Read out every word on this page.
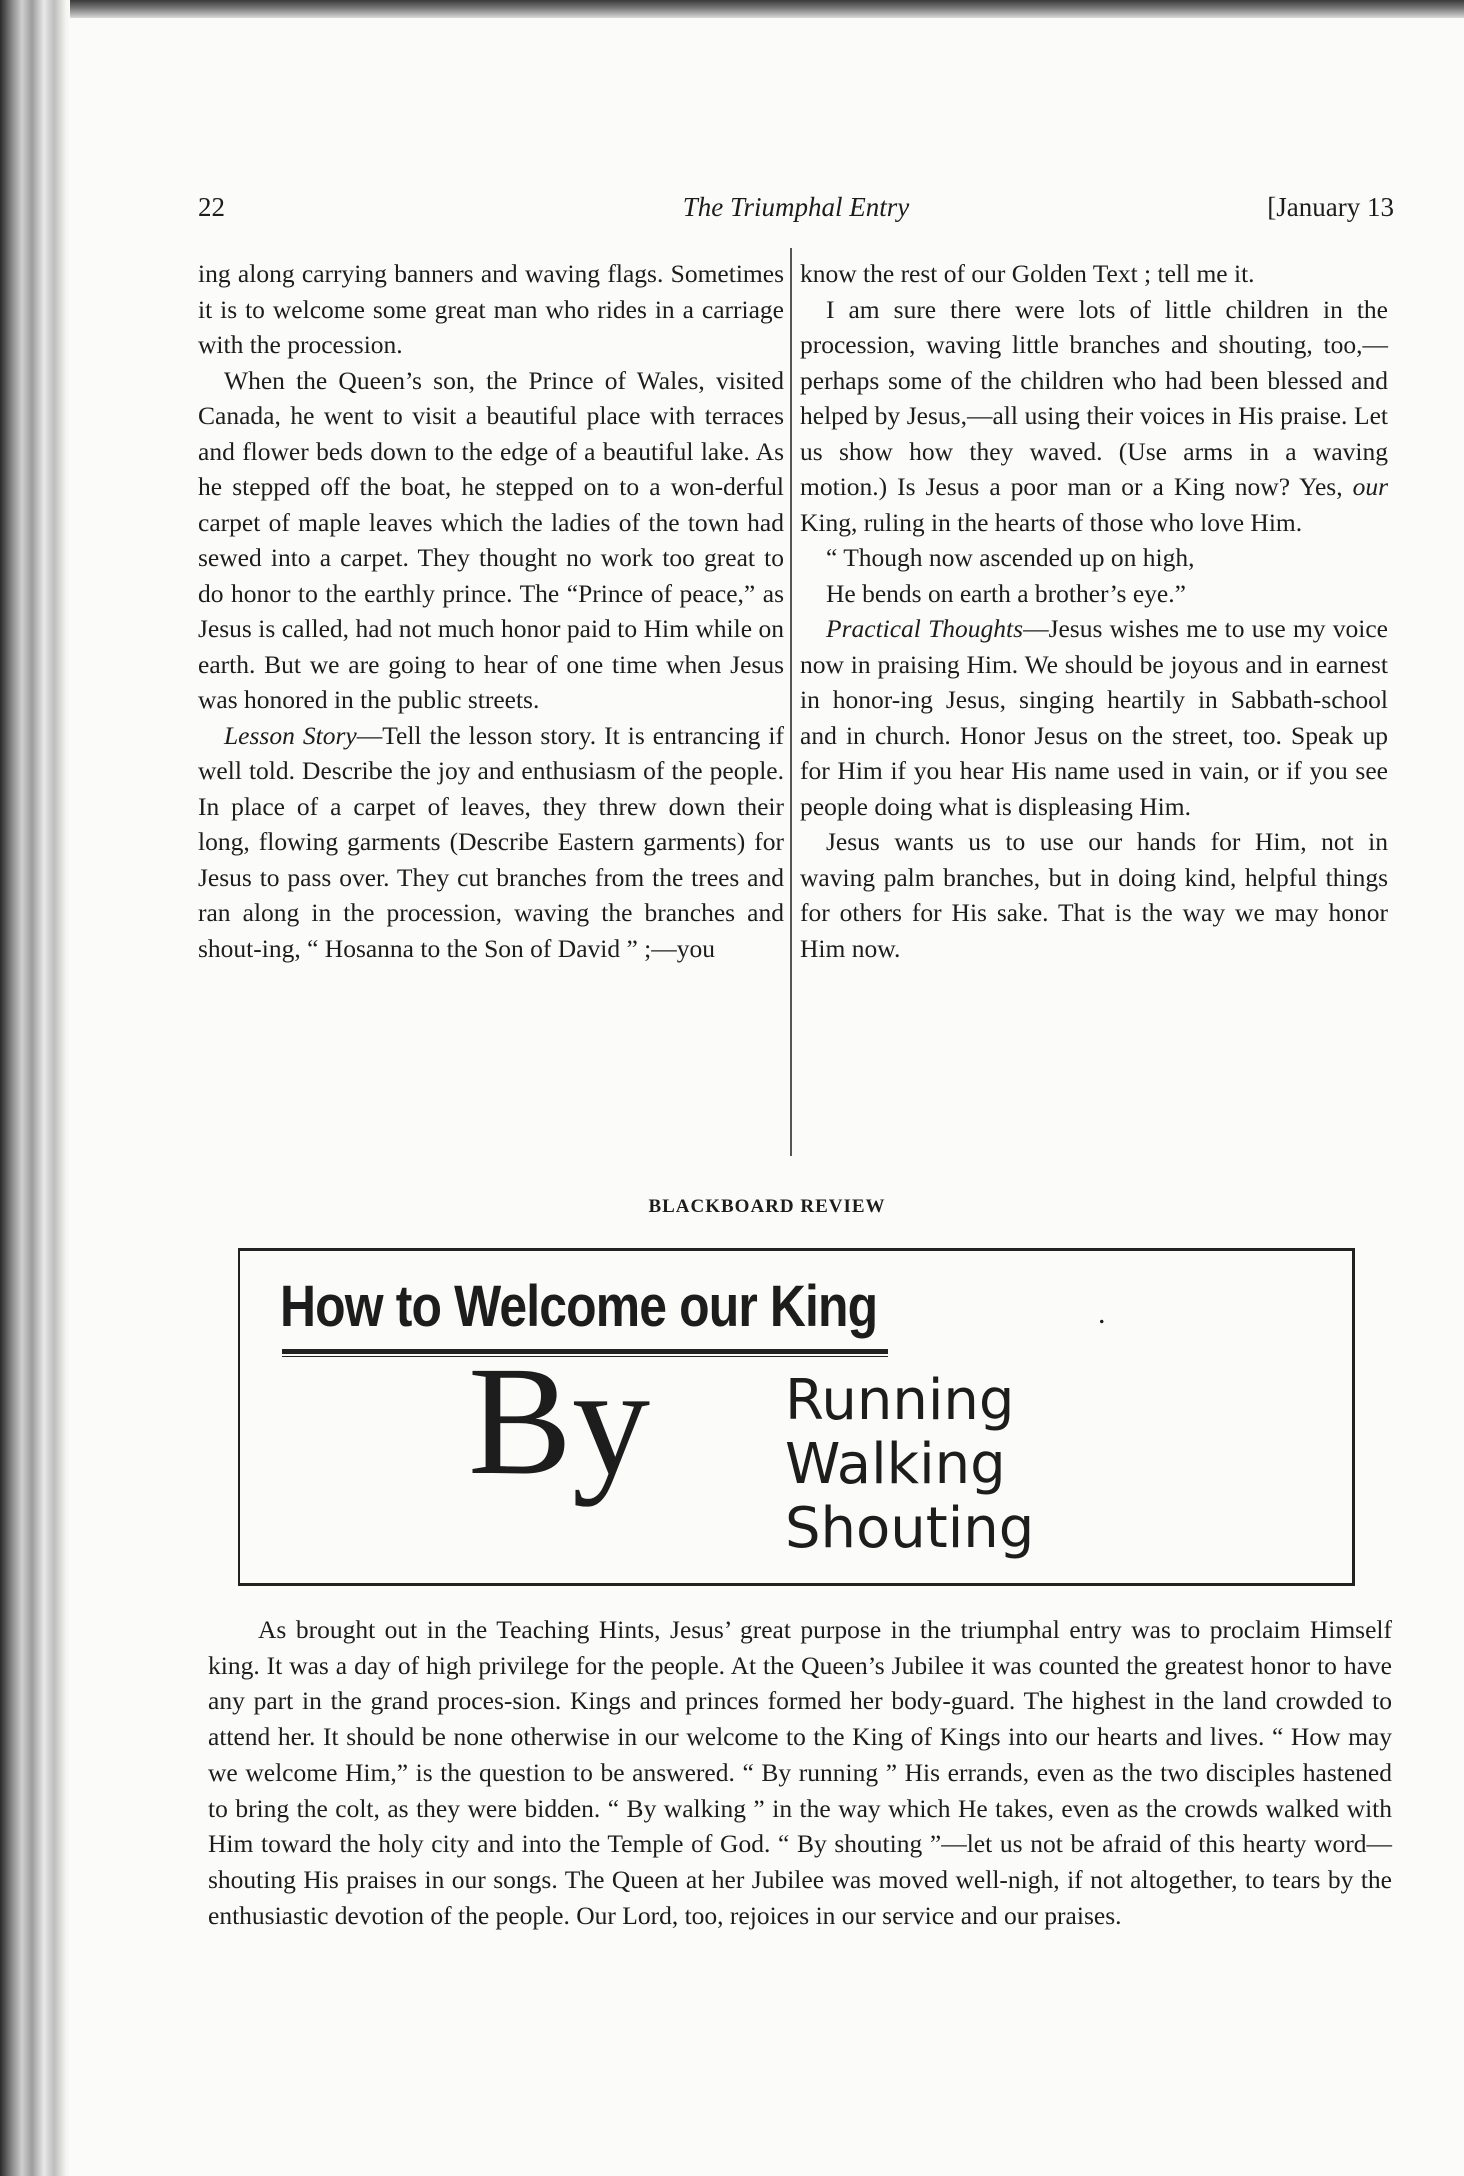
22	The Triumphal Entry	[January 13

ing along carrying banners and waving flags. Sometimes it is to welcome some great man who rides in a carriage with the procession.

When the Queen’s son, the Prince of Wales, visited Canada, he went to visit a beautiful place with terraces and flower beds down to the edge of a beautiful lake. As he stepped off the boat, he stepped on to a won-derful carpet of maple leaves which the ladies of the town had sewed into a carpet. They thought no work too great to do honor to the earthly prince. The “Prince of peace,” as Jesus is called, had not much honor paid to Him while on earth. But we are going to hear of one time when Jesus was honored in the public streets.

Lesson Story—Tell the lesson story. It is entrancing if well told. Describe the joy and enthusiasm of the people. In place of a carpet of leaves, they threw down their long, flowing garments (Describe Eastern garments) for Jesus to pass over. They cut branches from the trees and ran along in the procession, waving the branches and shout-ing, “ Hosanna to the Son of David ” ;—you

know the rest of our Golden Text ; tell me it.

I am sure there were lots of little children in the procession, waving little branches and shouting, too,—perhaps some of the children who had been blessed and helped by Jesus,—all using their voices in His praise. Let us show how they waved. (Use arms in a waving motion.) Is Jesus a poor man or a King now? Yes, our King, ruling in the hearts of those who love Him.

“ Though now ascended up on high,

He bends on earth a brother’s eye.”

Practical Thoughts—Jesus wishes me to use my voice now in praising Him. We should be joyous and in earnest in honor-ing Jesus, singing heartily in Sabbath-school and in church. Honor Jesus on the street, too. Speak up for Him if you hear His name used in vain, or if you see people doing what is displeasing Him.

Jesus wants us to use our hands for Him, not in waving palm branches, but in doing kind, helpful things for others for His sake. That is the way we may honor Him now.

BLACKBOARD REVIEW
How to Welcome our King	.
By Running
Walking
Shouting

As brought out in the Teaching Hints, Jesus’ great purpose in the triumphal entry was to proclaim Himself king. It was a day of high privilege for the people. At the Queen’s Jubilee it was counted the greatest honor to have any part in the grand proces-sion. Kings and princes formed her body-guard. The highest in the land crowded to attend her. It should be none otherwise in our welcome to the King of Kings into our hearts and lives. “ How may we welcome Him,” is the question to be answered. “ By running ” His errands, even as the two disciples hastened to bring the colt, as they were bidden. “ By walking ” in the way which He takes, even as the crowds walked with Him toward the holy city and into the Temple of God. “ By shouting ”—let us not be afraid of this hearty word—shouting His praises in our songs. The Queen at her Jubilee was moved well-nigh, if not altogether, to tears by the enthusiastic devotion of the people. Our Lord, too, rejoices in our service and our praises.
